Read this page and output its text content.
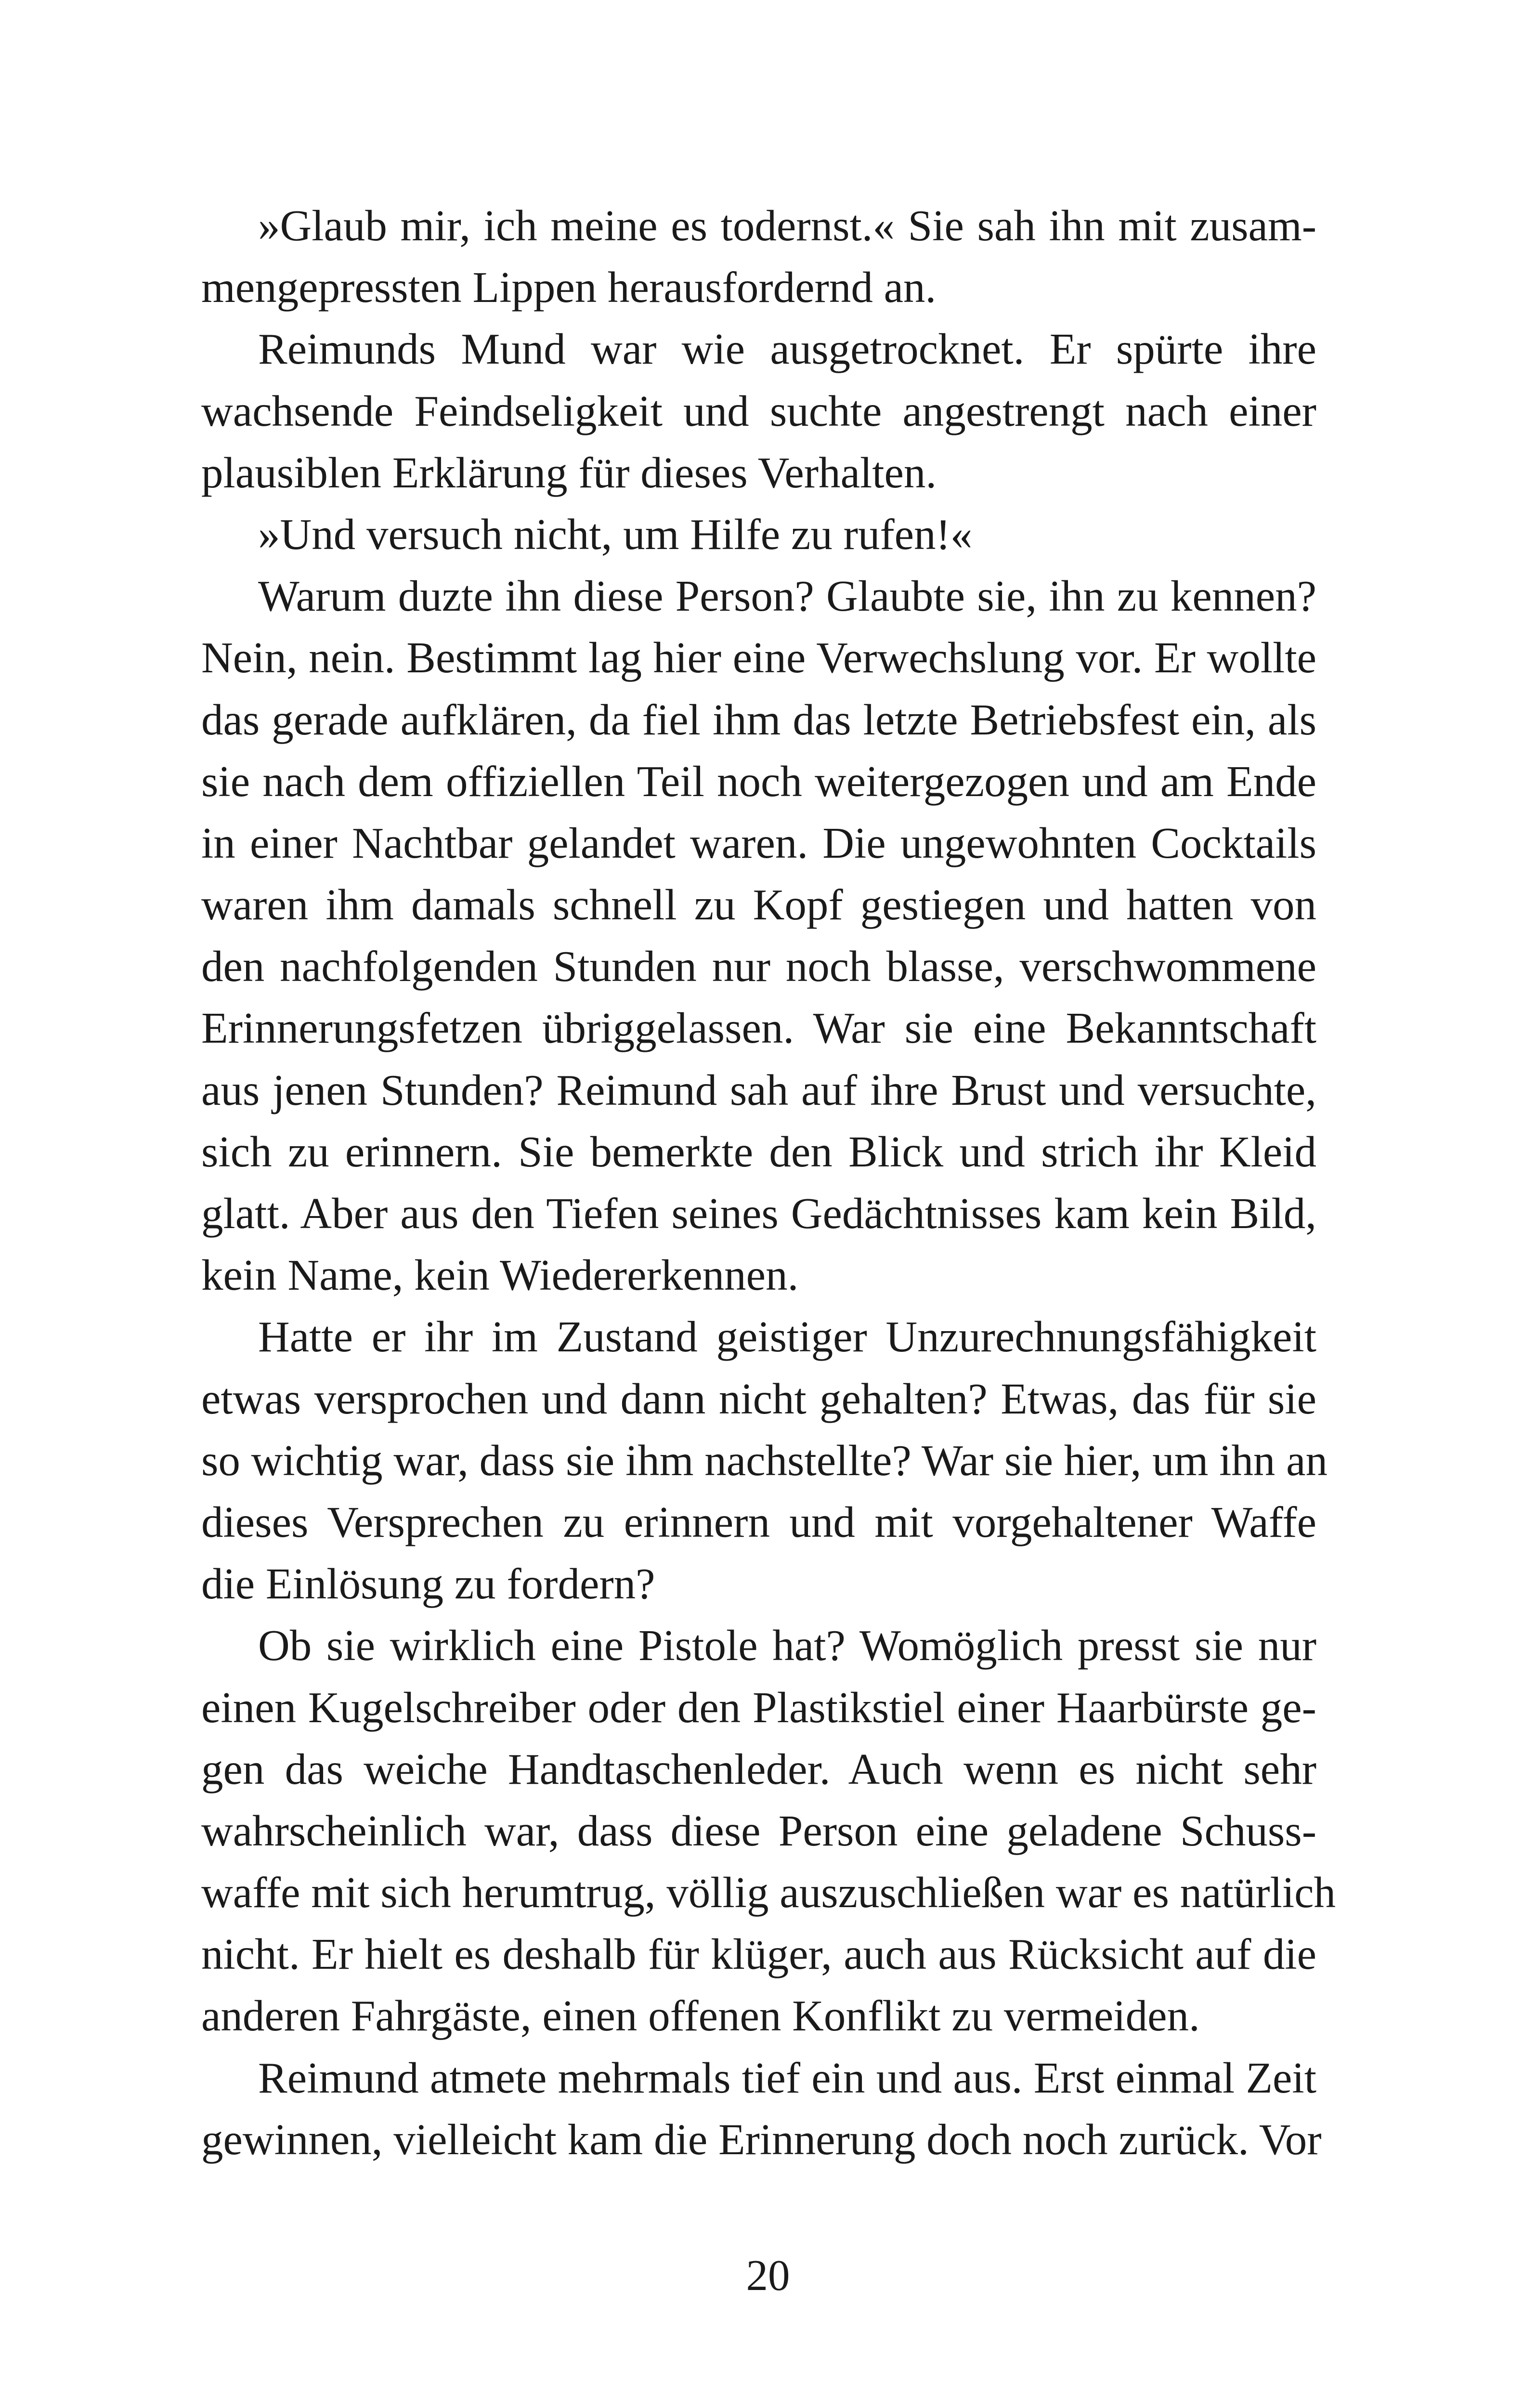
»Glaub mir, ich meine es todernst.« Sie sah ihn mit zusam-
mengepressten Lippen herausfordernd an.
Reimunds Mund war wie ausgetrocknet. Er spürte ihre
wachsende Feindseligkeit und suchte angestrengt nach einer
plausiblen Erklärung für dieses Verhalten.
»Und versuch nicht, um Hilfe zu rufen!«
Warum duzte ihn diese Person? Glaubte sie, ihn zu kennen?
Nein, nein. Bestimmt lag hier eine Verwechslung vor. Er wollte
das gerade aufklären, da fiel ihm das letzte Betriebsfest ein, als
sie nach dem offiziellen Teil noch weitergezogen und am Ende
in einer Nachtbar gelandet waren. Die ungewohnten Cocktails
waren ihm damals schnell zu Kopf gestiegen und hatten von
den nachfolgenden Stunden nur noch blasse, verschwommene
Erinnerungsfetzen übriggelassen. War sie eine Bekanntschaft
aus jenen Stunden? Reimund sah auf ihre Brust und versuchte,
sich zu erinnern. Sie bemerkte den Blick und strich ihr Kleid
glatt. Aber aus den Tiefen seines Gedächtnisses kam kein Bild,
kein Name, kein Wiedererkennen.
Hatte er ihr im Zustand geistiger Unzurechnungsfähigkeit
etwas versprochen und dann nicht gehalten? Etwas, das für sie
so wichtig war, dass sie ihm nachstellte? War sie hier, um ihn an
dieses Versprechen zu erinnern und mit vorgehaltener Waffe
die Einlösung zu fordern?
Ob sie wirklich eine Pistole hat? Womöglich presst sie nur
einen Kugelschreiber oder den Plastikstiel einer Haarbürste ge-
gen das weiche Handtaschenleder. Auch wenn es nicht sehr
wahrscheinlich war, dass diese Person eine geladene Schuss-
waffe mit sich herumtrug, völlig auszuschließen war es natürlich
nicht. Er hielt es deshalb für klüger, auch aus Rücksicht auf die
anderen Fahrgäste, einen offenen Konflikt zu vermeiden.
Reimund atmete mehrmals tief ein und aus. Erst einmal Zeit
gewinnen, vielleicht kam die Erinnerung doch noch zurück. Vor
20
